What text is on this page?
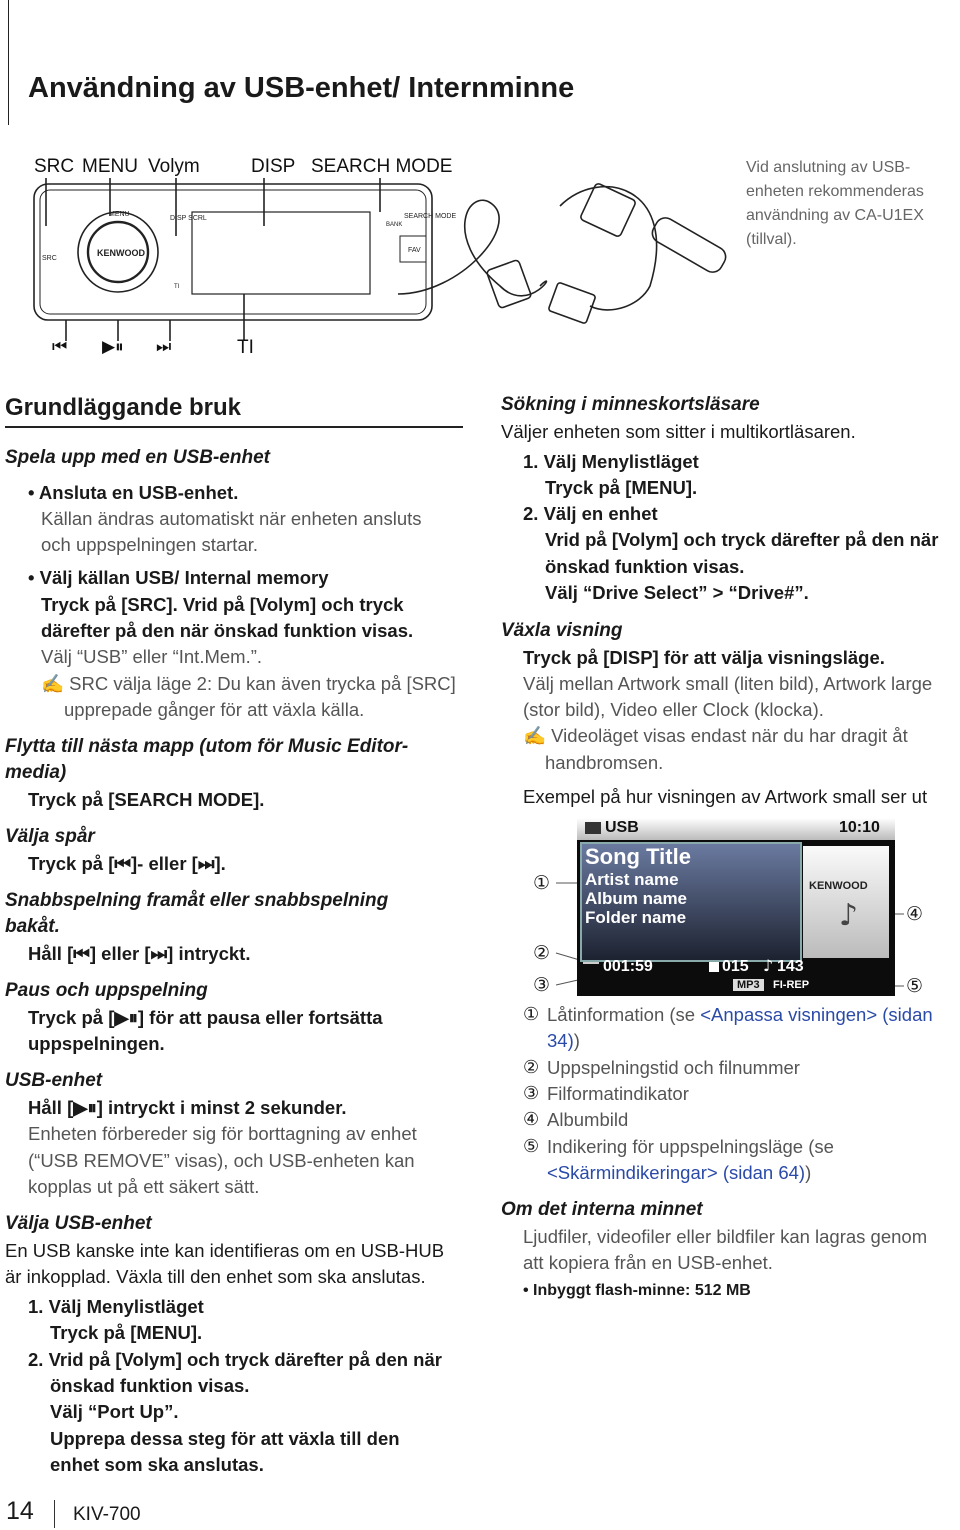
Användning av USB-enhet/ Internminne
SRC MENU Volym	DISP SEARCH MODE	Vid anslutning av USB-enheten rekommenderas användning av CA-U1EX (tillval).
MENU
KENWOOD
SRC
DISP SCRL	SEARCH MODE
FAV
BANK
TI
⏮ ▶⏸ ⏭	TI
Grundläggande bruk
Spela upp med en USB-enhet
• Ansluta en USB-enhet.
Källan ändras automatiskt när enheten ansluts
och uppspelningen startar.
• Välj källan USB/ Internal memory
Tryck på [SRC]. Vrid på [Volym] och tryck
därefter på den när önskad funktion visas.
Välj “USB” eller “Int.Mem.”.
✍ SRC välja läge 2: Du kan även trycka på [SRC]
upprepade gånger för att växla källa.
Flytta till nästa mapp (utom för Music Editor-
media)
Tryck på [SEARCH MODE].
Välja spår
Tryck på [⏮]- eller [⏭].
Snabbspelning framåt eller snabbspelning
bakåt.
Håll [⏮] eller [⏭] intryckt.
Paus och uppspelning
Tryck på [▶⏸] för att pausa eller fortsätta
uppspelningen.
USB-enhet
Håll [▶⏸] intryckt i minst 2 sekunder.
Enheten förbereder sig för borttagning av enhet
(“USB REMOVE” visas), och USB-enheten kan
kopplas ut på ett säkert sätt.
Välja USB-enhet
En USB kanske inte kan identifieras om en USB-HUB
är inkopplad. Växla till den enhet som ska anslutas.
1. Välj Menylistläget
Tryck på [MENU].
2. Vrid på [Volym] och tryck därefter på den när
önskad funktion visas.
Välj “Port Up”.
Upprepa dessa steg för att växla till den
enhet som ska anslutas.
Sökning i minneskortsläsare
Väljer enheten som sitter i multikortläsaren.
1. Välj Menylistläget
Tryck på [MENU].
2. Välj en enhet
Vrid på [Volym] och tryck därefter på den när
önskad funktion visas.
Välj “Drive Select” > “Drive#”.
Växla visning
Tryck på [DISP] för att välja visningsläge.
Välj mellan Artwork small (liten bild), Artwork large
(stor bild), Video eller Clock (klocka).
✍ Videoläget visas endast när du har dragit åt
handbromsen.
Exempel på hur visningen av Artwork small ser ut
①
②
③
④
⑤
USB	10:10
Song Title
Artist name
Album name
Folder name
KENWOOD
♪
001:59	015 ♪ 143
MP3	FI-REP
① Låtinformation (se <Anpassa visningen> (sidan
34))
② Uppspelningstid och filnummer
③ Filformatindikator
④ Albumbild
⑤ Indikering för uppspelningsläge (se
<Skärmindikeringar> (sidan 64))
Om det interna minnet
Ljudfiler, videofiler eller bildfiler kan lagras genom
att kopiera från en USB-enhet.
• Inbyggt flash-minne: 512 MB
14 KIV-700
